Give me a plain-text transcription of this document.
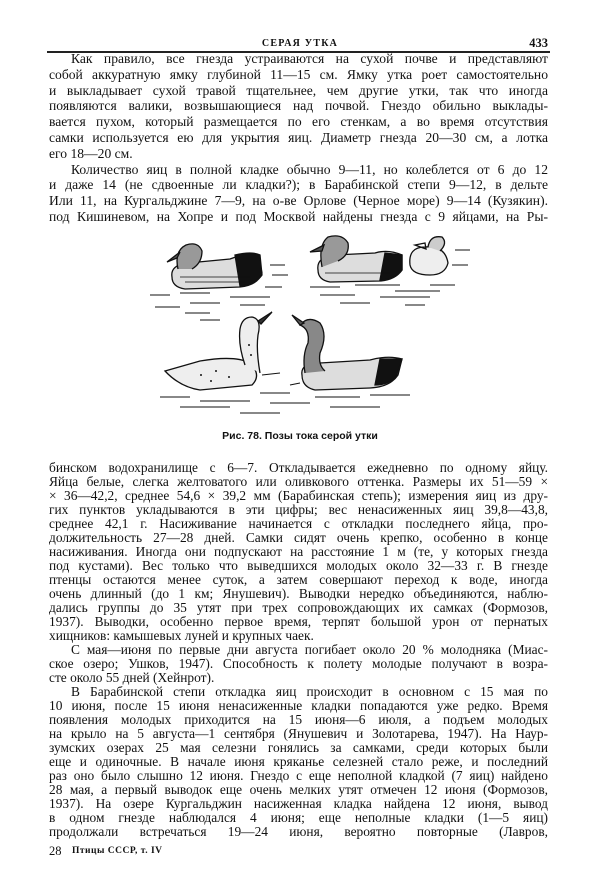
СЕРАЯ УТКА	433
Как правило, все гнезда устраиваются на сухой почве и представляют
собой аккуратную ямку глубиной 11—15 см. Ямку утка роет самостоятельно
и выкладывает сухой травой тщательнее, чем другие утки, так что иногда
появляются валики, возвышающиеся над почвой. Гнездо обильно выклады-
вается пухом, который размещается по его стенкам, а во время отсутствия
самки используется ею для укрытия яиц. Диаметр гнезда 20—30 см, а лотка
его 18—20 см.
Количество яиц в полной кладке обычно 9—11, но колеблется от 6 до 12
и даже 14 (не сдвоенные ли кладки?); в Барабинской степи 9—12, в дельте
Или 11, на Кургальджине 7—9, на о-ве Орлове (Черное море) 9—14 (Кузякин).
под Кишиневом, на Хопре и под Москвой найдены гнезда с 9 яйцами, на Ры-
Рис. 78. Позы тока серой утки
бинском водохранилище с 6—7. Откладывается ежедневно по одному яйцу.
Яйца белые, слегка желтоватого или оливкового оттенка. Размеры их 51—59 ×
× 36—42,2, среднее 54,6 × 39,2 мм (Барабинская степь); измерения яиц из дру-
гих пунктов укладываются в эти цифры; вес ненасиженных яиц 39,8—43,8,
среднее 42,1 г. Насиживание начинается с откладки последнего яйца, про-
должительность 27—28 дней. Самки сидят очень крепко, особенно в конце
насиживания. Иногда они подпускают на расстояние 1 м (те, у которых гнезда
под кустами). Вес только что выведшихся молодых около 32—33 г. В гнезде
птенцы остаются менее суток, а затем совершают переход к воде, иногда
очень длинный (до 1 км; Янушевич). Выводки нередко объединяются, наблю-
дались группы до 35 утят при трех сопровождающих их самках (Формозов,
1937). Выводки, особенно первое время, терпят большой урон от пернатых
хищников: камышевых луней и крупных чаек.
С мая—июня по первые дни августа погибает около 20 % молодняка (Миас-
ское озеро; Ушков, 1947). Способность к полету молодые получают в возра-
сте около 55 дней (Хейнрот).
В Барабинской степи откладка яиц происходит в основном с 15 мая по
10 июня, после 15 июня ненасиженные кладки попадаются уже редко. Время
появления молодых приходится на 15 июня—6 июля, а подъем молодых
на крыло на 5 августа—1 сентября (Янушевич и Золотарева, 1947). На Наур-
зумских озерах 25 мая селезни гонялись за самками, среди которых были
еще и одиночные. В начале июня кряканье селезней стало реже, и последний
раз оно было слышно 12 июня. Гнездо с еще неполной кладкой (7 яиц) найдено
28 мая, а первый выводок еще очень мелких утят отмечен 12 июня (Формозов,
1937). На озере Кургальджин насиженная кладка найдена 12 июня, вывод
в одном гнезде наблюдался 4 июня; еще неполные кладки (1—5 яиц)
продолжали встречаться 19—24 июня, вероятно повторные (Лавров,
28 Птицы СССР, т. IV
